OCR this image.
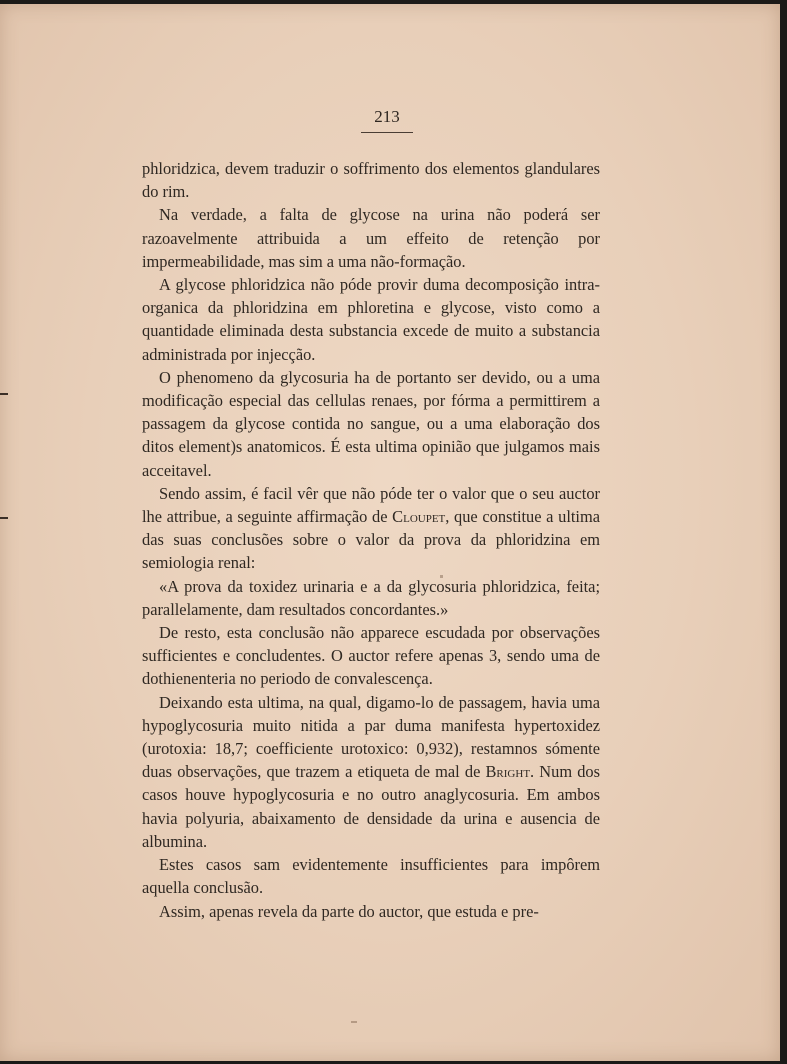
213

phloridzica, devem traduzir o soffrimento dos elementos glandulares do rim.

Na verdade, a falta de glycose na urina não poderá ser razoavelmente attribuida a um effeito de retenção por impermeabilidade, mas sim a uma não-formação.

A glycose phloridzica não póde provir duma decomposição intra-organica da phloridzina em phloretina e glycose, visto como a quantidade eliminada desta substancia excede de muito a substancia administrada por injecção.

O phenomeno da glycosuria ha de portanto ser devido, ou a uma modificação especial das cellulas renaes, por fórma a permittirem a passagem da glycose contida no sangue, ou a uma elaboração dos ditos element)s anatomicos. É esta ultima opinião que julgamos mais acceitavel.

Sendo assim, é facil vêr que não póde ter o valor que o seu auctor lhe attribue, a seguinte affirmação de Cloupet, que constitue a ultima das suas conclusões sobre o valor da prova da phloridzina em semiologia renal:

«A prova da toxidez urinaria e a da glycosuria phloridzica, feita; parallelamente, dam resultados concordantes.»

De resto, esta conclusão não apparece escudada por observações sufficientes e concludentes. O auctor refere apenas 3, sendo uma de dothienenteria no periodo de convalescença.

Deixando esta ultima, na qual, digamo-lo de passagem, havia uma hypoglycosuria muito nitida a par duma manifesta hypertoxidez (urotoxia: 18,7; coefficiente urotoxico: 0,932), restamnos sómente duas observações, que trazem a etiqueta de mal de Bright. Num dos casos houve hypoglycosuria e no outro anaglycosuria. Em ambos havia polyuria, abaixamento de densidade da urina e ausencia de albumina.

Estes casos sam evidentemente insufficientes para impôrem aquella conclusão.

Assim, apenas revela da parte do auctor, que estuda e pre-
